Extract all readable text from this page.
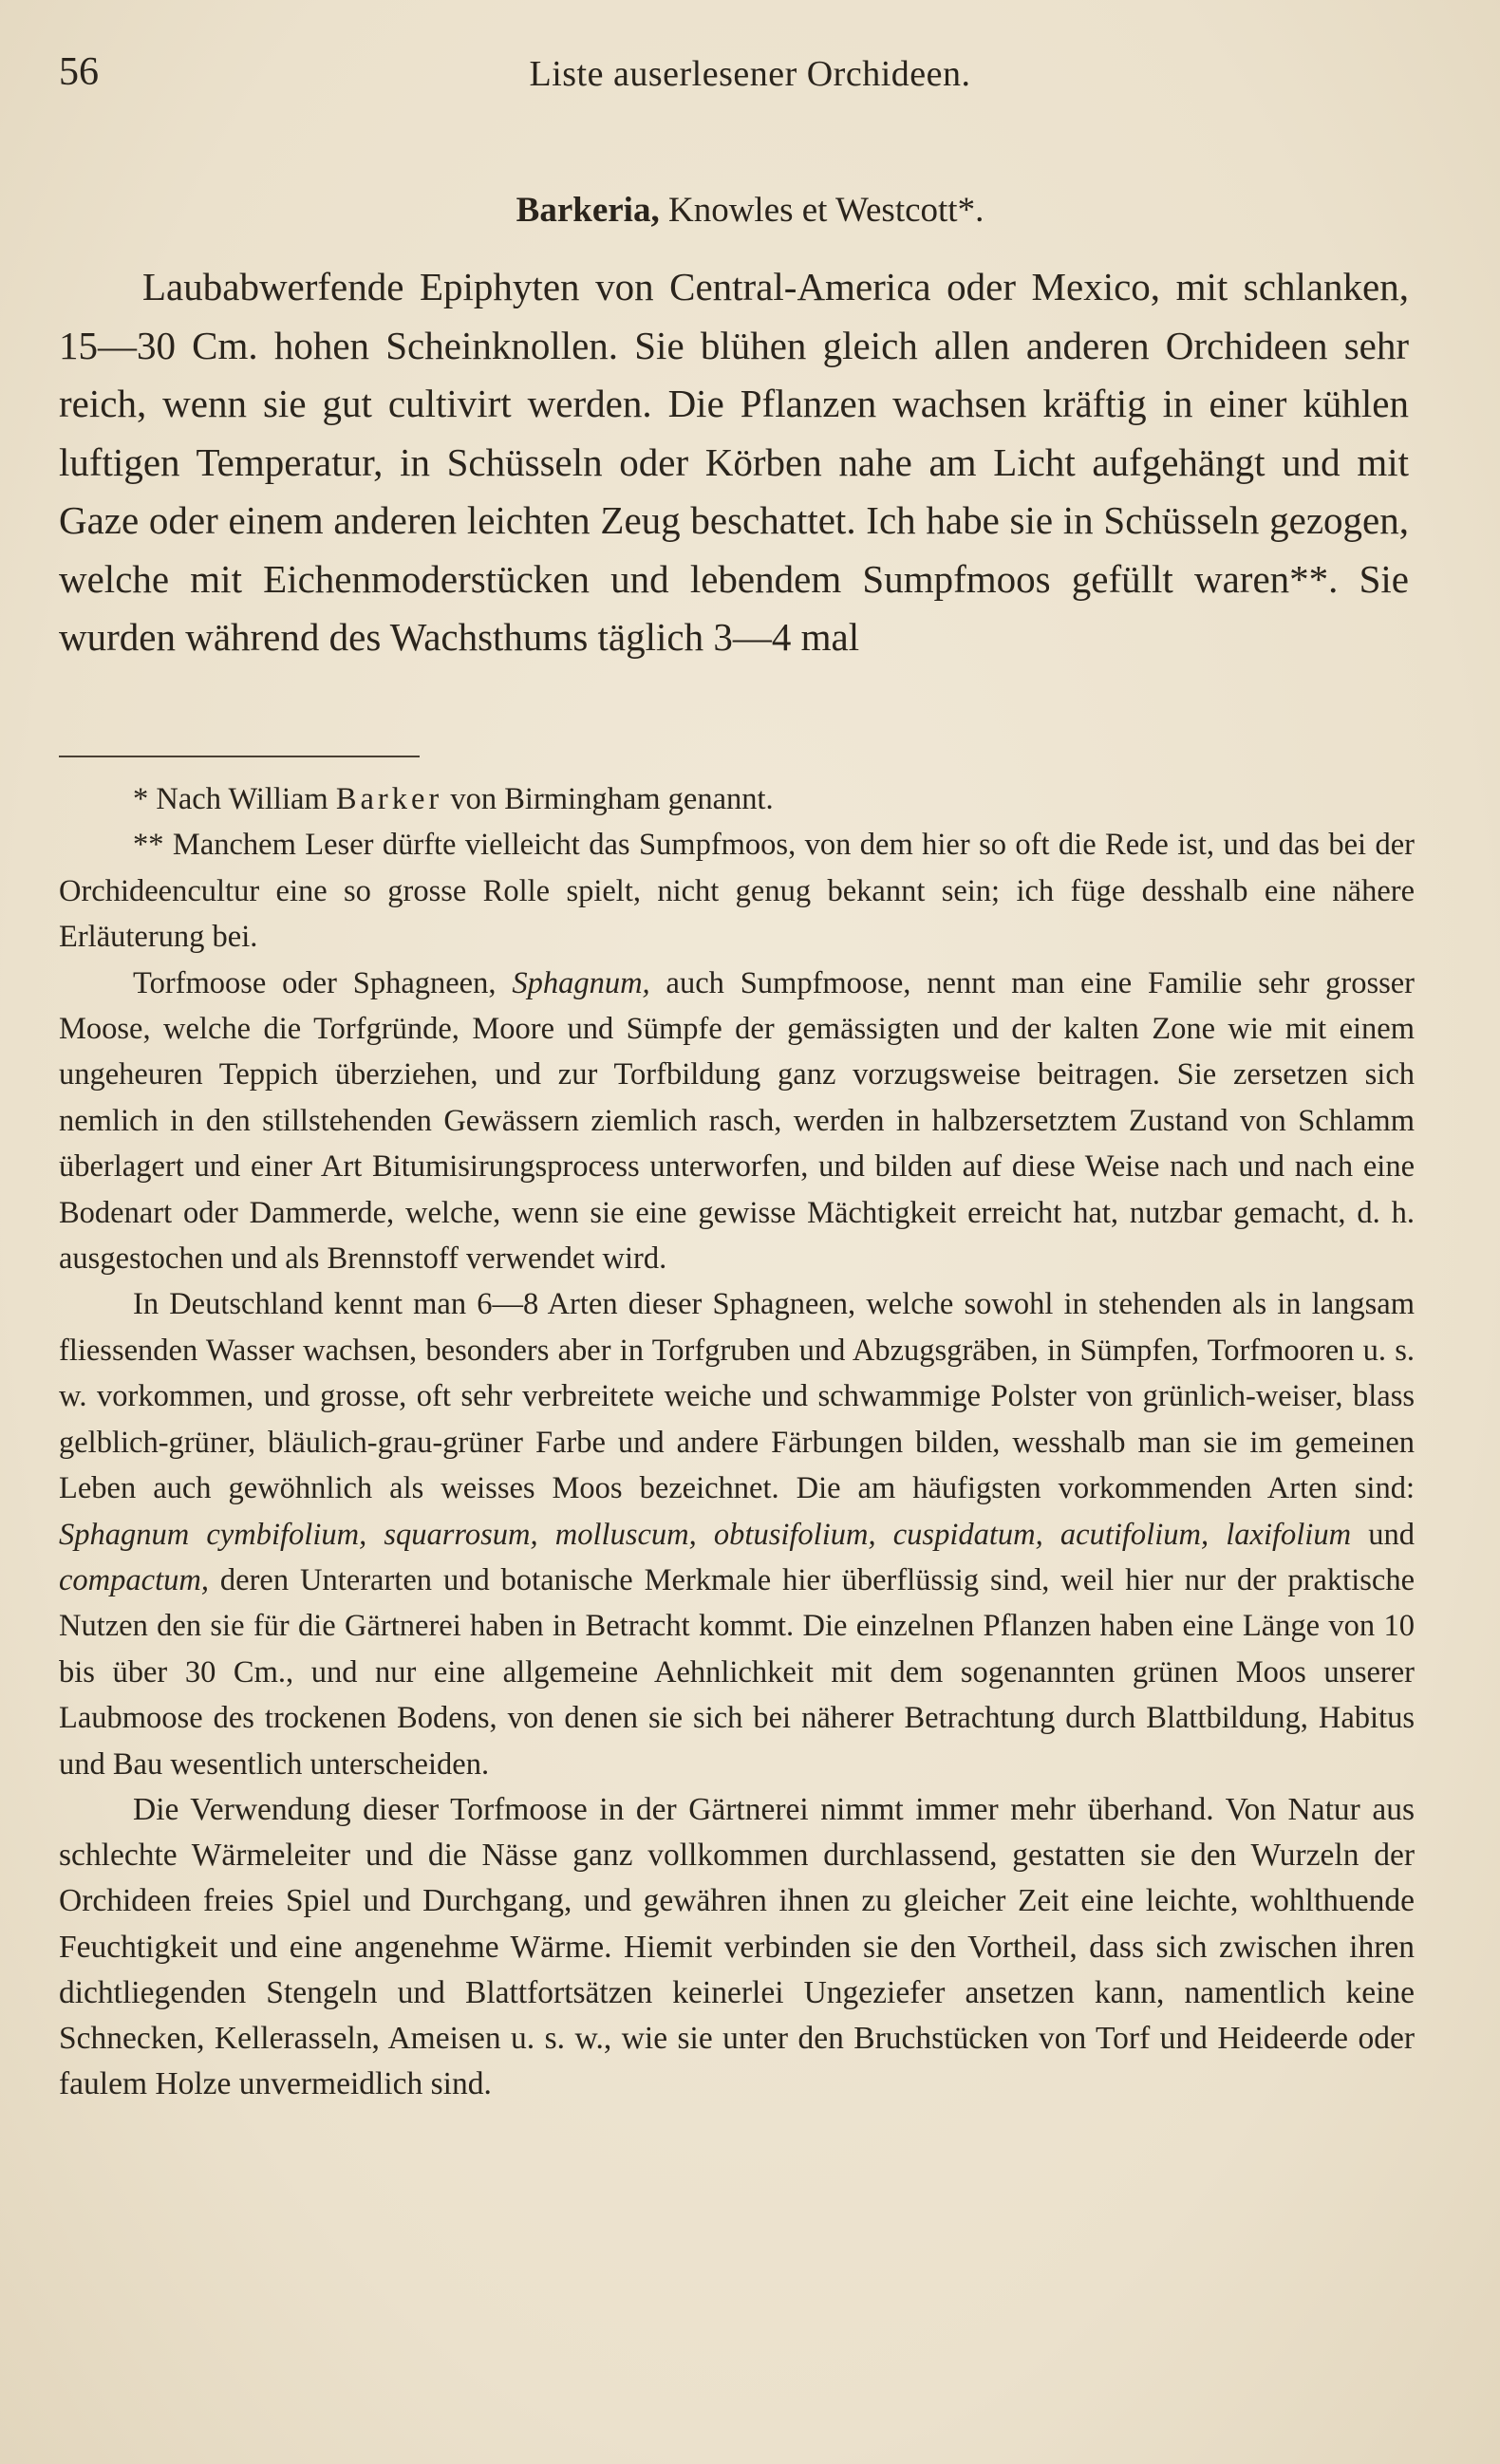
56	Liste auserlesener Orchideen.
Barkeria, Knowles et Westcott*.

Laubabwerfende Epiphyten von Central-America oder Mexico, mit schlanken, 15—30 Cm. hohen Scheinknollen. Sie blühen gleich allen anderen Orchideen sehr reich, wenn sie gut cultivirt werden. Die Pflanzen wachsen kräftig in einer kühlen luftigen Temperatur, in Schüsseln oder Körben nahe am Licht aufgehängt und mit Gaze oder einem anderen leichten Zeug beschattet. Ich habe sie in Schüsseln gezogen, welche mit Eichenmoderstücken und lebendem Sumpfmoos gefüllt waren**. Sie wurden während des Wachsthums täglich 3—4 mal

* Nach William Barker von Birmingham genannt.

** Manchem Leser dürfte vielleicht das Sumpfmoos, von dem hier so oft die Rede ist, und das bei der Orchideencultur eine so grosse Rolle spielt, nicht genug bekannt sein; ich füge desshalb eine nähere Erläuterung bei.

Torfmoose oder Sphagneen, Sphagnum, auch Sumpfmoose, nennt man eine Familie sehr grosser Moose, welche die Torfgründe, Moore und Sümpfe der gemässigten und der kalten Zone wie mit einem ungeheuren Teppich überziehen, und zur Torfbildung ganz vorzugsweise beitragen. Sie zersetzen sich nemlich in den stillstehenden Gewässern ziemlich rasch, werden in halbzersetztem Zustand von Schlamm überlagert und einer Art Bitumisirungsprocess unterworfen, und bilden auf diese Weise nach und nach eine Bodenart oder Dammerde, welche, wenn sie eine gewisse Mächtigkeit erreicht hat, nutzbar gemacht, d. h. ausgestochen und als Brennstoff verwendet wird.

In Deutschland kennt man 6—8 Arten dieser Sphagneen, welche sowohl in stehenden als in langsam fliessenden Wasser wachsen, besonders aber in Torfgruben und Abzugsgräben, in Sümpfen, Torfmooren u. s. w. vorkommen, und grosse, oft sehr verbreitete weiche und schwammige Polster von grünlich-weiser, blass gelblich-grüner, bläulich-grau-grüner Farbe und andere Färbungen bilden, wesshalb man sie im gemeinen Leben auch gewöhnlich als weisses Moos bezeichnet. Die am häufigsten vorkommenden Arten sind: Sphagnum cymbifolium, squarrosum, molluscum, obtusifolium, cuspidatum, acutifolium, laxifolium und compactum, deren Unterarten und botanische Merkmale hier überflüssig sind, weil hier nur der praktische Nutzen den sie für die Gärtnerei haben in Betracht kommt. Die einzelnen Pflanzen haben eine Länge von 10 bis über 30 Cm., und nur eine allgemeine Aehnlichkeit mit dem sogenannten grünen Moos unserer Laubmoose des trockenen Bodens, von denen sie sich bei näherer Betrachtung durch Blattbildung, Habitus und Bau wesentlich unterscheiden.

Die Verwendung dieser Torfmoose in der Gärtnerei nimmt immer mehr überhand. Von Natur aus schlechte Wärmeleiter und die Nässe ganz vollkommen durchlassend, gestatten sie den Wurzeln der Orchideen freies Spiel und Durchgang, und gewähren ihnen zu gleicher Zeit eine leichte, wohlthuende Feuchtigkeit und eine angenehme Wärme. Hiemit verbinden sie den Vortheil, dass sich zwischen ihren dichtliegenden Stengeln und Blattfortsätzen keinerlei Ungeziefer ansetzen kann, namentlich keine Schnecken, Kellerasseln, Ameisen u. s. w., wie sie unter den Bruchstücken von Torf und Heideerde oder faulem Holze unvermeidlich sind.
